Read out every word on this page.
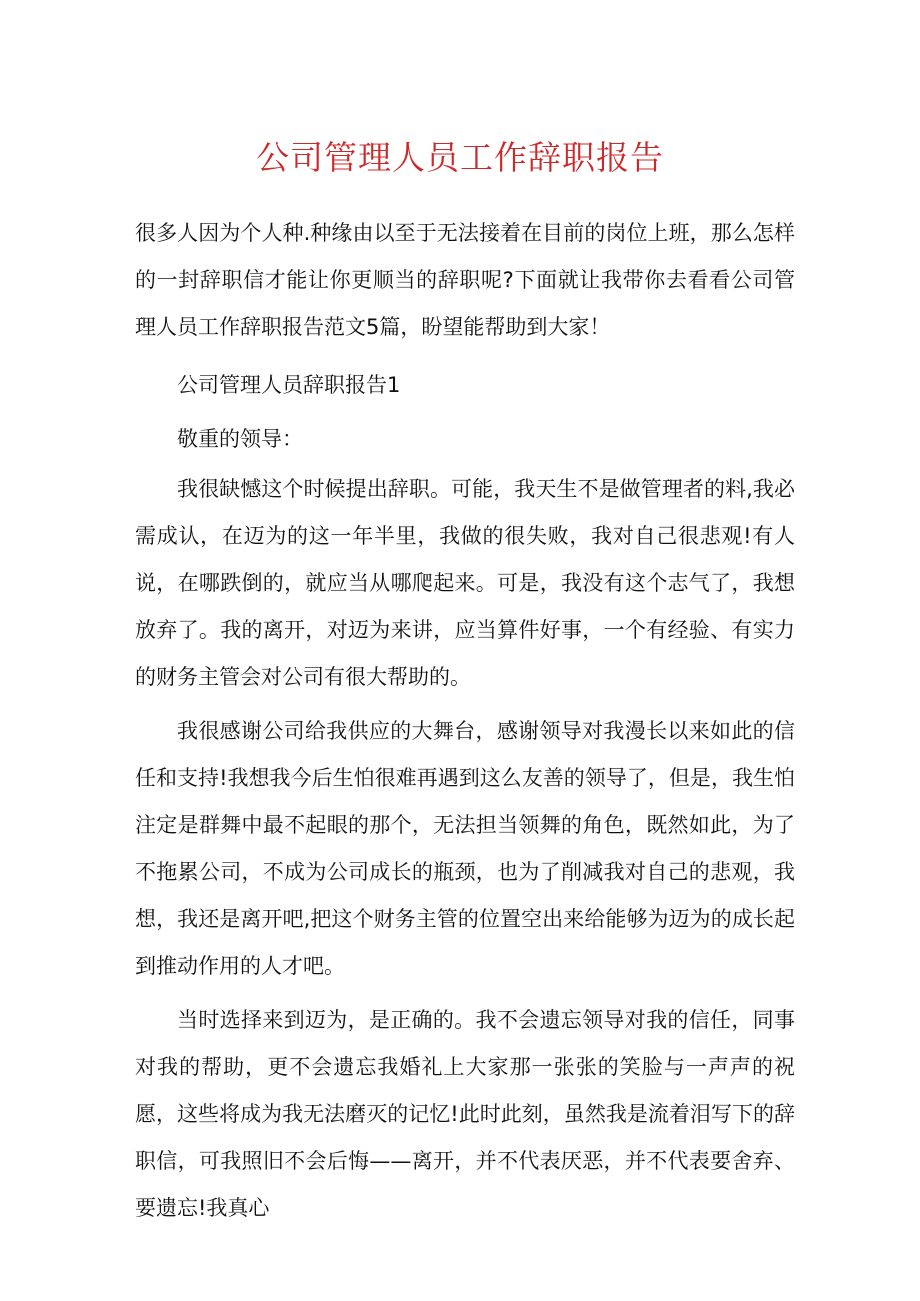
公司管理人员工作辞职报告

很多人因为个人种.种缘由以至于无法接着在目前的岗位上班，那么怎样的一封辞职信才能让你更顺当的辞职呢?下面就让我带你去看看公司管理人员工作辞职报告范文5篇，盼望能帮助到大家！

公司管理人员辞职报告1

敬重的领导：

我很缺憾这个时候提出辞职。可能，我天生不是做管理者的料,我必需成认，在迈为的这一年半里，我做的很失败，我对自己很悲观!有人说，在哪跌倒的，就应当从哪爬起来。可是，我没有这个志气了，我想放弃了。我的离开，对迈为来讲，应当算件好事，一个有经验、有实力的财务主管会对公司有很大帮助的。

我很感谢公司给我供应的大舞台，感谢领导对我漫长以来如此的信任和支持!我想我今后生怕很难再遇到这么友善的领导了，但是，我生怕注定是群舞中最不起眼的那个，无法担当领舞的角色，既然如此，为了不拖累公司，不成为公司成长的瓶颈，也为了削减我对自己的悲观，我想，我还是离开吧,把这个财务主管的位置空出来给能够为迈为的成长起到推动作用的人才吧。

当时选择来到迈为，是正确的。我不会遗忘领导对我的信任，同事对我的帮助，更不会遗忘我婚礼上大家那一张张的笑脸与一声声的祝愿，这些将成为我无法磨灭的记忆!此时此刻，虽然我是流着泪写下的辞职信，可我照旧不会后悔——离开，并不代表厌恶，并不代表要舍弃、要遗忘!我真心
